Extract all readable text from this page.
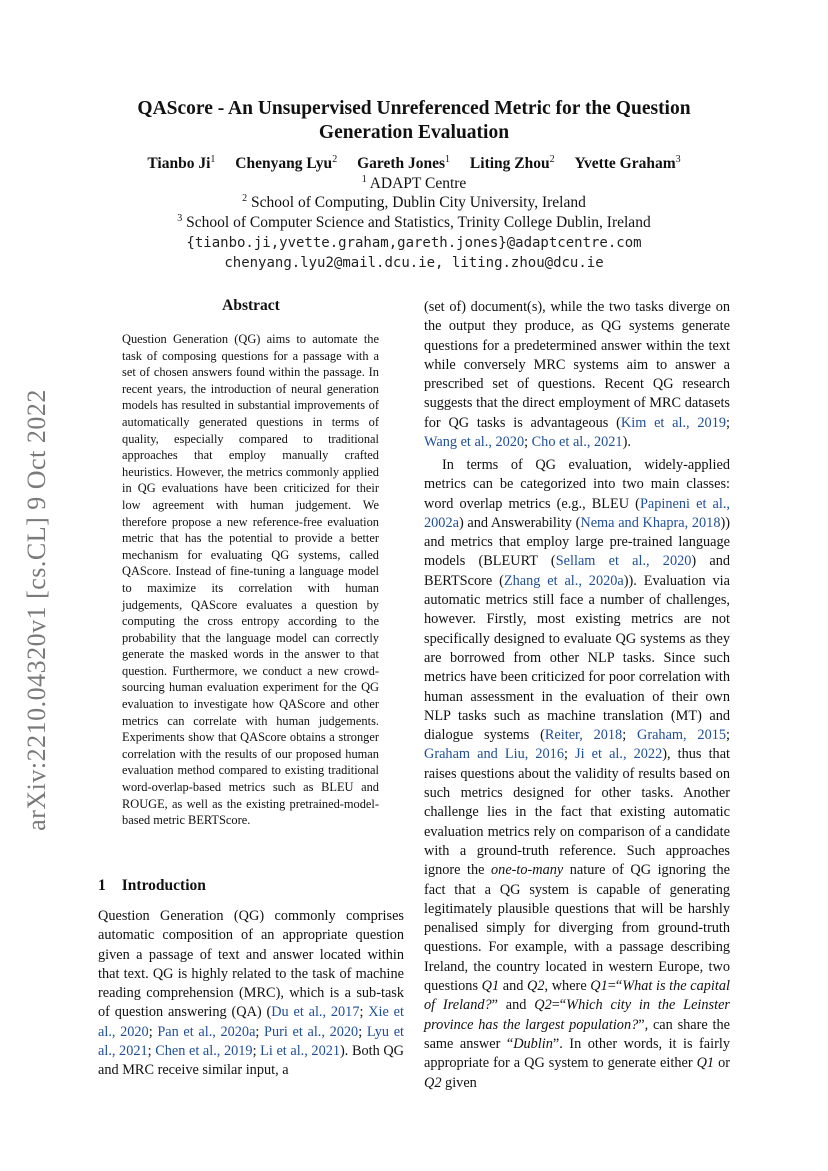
arXiv:2210.04320v1 [cs.CL] 9 Oct 2022
QAScore - An Unsupervised Unreferenced Metric for the Question
Generation Evaluation
Tianbo Ji$^1$ Chenyang Lyu$^2$ Gareth Jones$^1$ Liting Zhou$^2$ Yvette Graham$^3$
$^1$ ADAPT Centre
$^2$ School of Computing, Dublin City University, Ireland
$^3$ School of Computer Science and Statistics, Trinity College Dublin, Ireland
{tianbo.ji,yvette.graham,gareth.jones}@adaptcentre.com
chenyang.lyu2@mail.dcu.ie, liting.zhou@dcu.ie
Abstract

Question Generation (QG) aims to automate the task of composing questions for a passage with a set of chosen answers found within the passage. In recent years, the introduction of neural generation models has resulted in substantial improvements of automatically generated questions in terms of quality, especially compared to traditional approaches that employ manually crafted heuristics. However, the metrics commonly applied in QG evaluations have been criticized for their low agreement with human judgement. We therefore propose a new reference-free evaluation metric that has the potential to provide a better mechanism for evaluating QG systems, called QAScore. Instead of fine-tuning a language model to maximize its correlation with human judgements, QAScore evaluates a question by computing the cross entropy according to the probability that the language model can correctly generate the masked words in the answer to that question. Furthermore, we conduct a new crowd-sourcing human evaluation experiment for the QG evaluation to investigate how QAScore and other metrics can correlate with human judgements. Experiments show that QAScore obtains a stronger correlation with the results of our proposed human evaluation method compared to existing traditional word-overlap-based metrics such as BLEU and ROUGE, as well as the existing pretrained-model-based metric BERTScore.

1 Introduction

Question Generation (QG) commonly comprises automatic composition of an appropriate question given a passage of text and answer located within that text. QG is highly related to the task of machine reading comprehension (MRC), which is a sub-task of question answering (QA) (Du et al., 2017; Xie et al., 2020; Pan et al., 2020a; Puri et al., 2020; Lyu et al., 2021; Chen et al., 2019; Li et al., 2021). Both QG and MRC receive similar input, a

(set of) document(s), while the two tasks diverge on the output they produce, as QG systems generate questions for a predetermined answer within the text while conversely MRC systems aim to answer a prescribed set of questions. Recent QG research suggests that the direct employment of MRC datasets for QG tasks is advantageous (Kim et al., 2019; Wang et al., 2020; Cho et al., 2021).

In terms of QG evaluation, widely-applied metrics can be categorized into two main classes: word overlap metrics (e.g., BLEU (Papineni et al., 2002a) and Answerability (Nema and Khapra, 2018)) and metrics that employ large pre-trained language models (BLEURT (Sellam et al., 2020) and BERTScore (Zhang et al., 2020a)). Evaluation via automatic metrics still face a number of challenges, however. Firstly, most existing metrics are not specifically designed to evaluate QG systems as they are borrowed from other NLP tasks. Since such metrics have been criticized for poor correlation with human assessment in the evaluation of their own NLP tasks such as machine translation (MT) and dialogue systems (Reiter, 2018; Graham, 2015; Graham and Liu, 2016; Ji et al., 2022), thus that raises questions about the validity of results based on such metrics designed for other tasks. Another challenge lies in the fact that existing automatic evaluation metrics rely on comparison of a candidate with a ground-truth reference. Such approaches ignore the one-to-many nature of QG ignoring the fact that a QG system is capable of generating legitimately plausible questions that will be harshly penalised simply for diverging from ground-truth questions. For example, with a passage describing Ireland, the country located in western Europe, two questions Q1 and Q2, where Q1=“What is the capital of Ireland?” and Q2=“Which city in the Leinster province has the largest population?”, can share the same answer “Dublin”. In other words, it is fairly appropriate for a QG system to generate either Q1 or Q2 given
